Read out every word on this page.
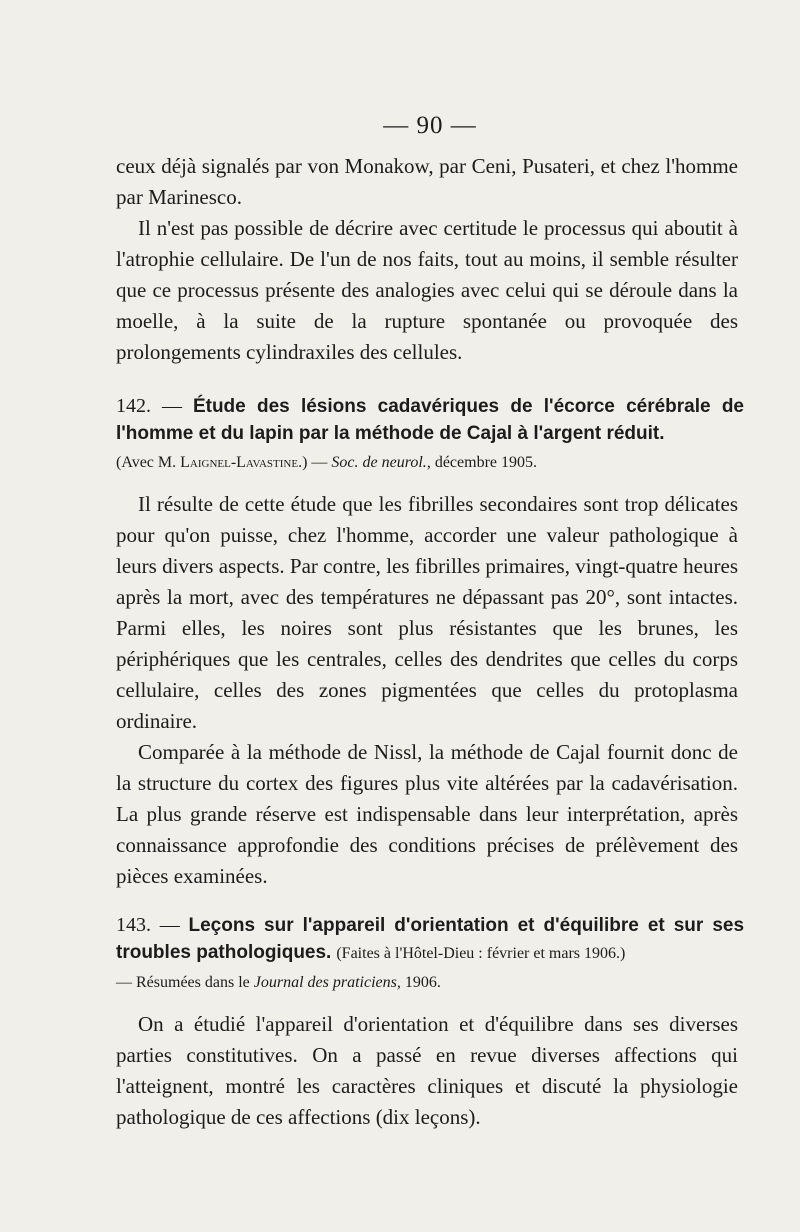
— 90 —
ceux déjà signalés par von Monakow, par Ceni, Pusateri, et chez l'homme par Marinesco.
Il n'est pas possible de décrire avec certitude le processus qui aboutit à l'atrophie cellulaire. De l'un de nos faits, tout au moins, il semble résulter que ce processus présente des analogies avec celui qui se déroule dans la moelle, à la suite de la rupture spontanée ou provoquée des prolongements cylindraxiles des cellules.
142. — Étude des lésions cadavériques de l'écorce cérébrale de l'homme et du lapin par la méthode de Cajal à l'argent réduit.
(Avec M. Laignel-Lavastine.) — Soc. de neurol., décembre 1905.
Il résulte de cette étude que les fibrilles secondaires sont trop délicates pour qu'on puisse, chez l'homme, accorder une valeur pathologique à leurs divers aspects. Par contre, les fibrilles primaires, vingt-quatre heures après la mort, avec des températures ne dépassant pas 20°, sont intactes. Parmi elles, les noires sont plus résistantes que les brunes, les périphériques que les centrales, celles des dendrites que celles du corps cellulaire, celles des zones pigmentées que celles du protoplasma ordinaire.
Comparée à la méthode de Nissl, la méthode de Cajal fournit donc de la structure du cortex des figures plus vite altérées par la cadavérisation. La plus grande réserve est indispensable dans leur interprétation, après connaissance approfondie des conditions précises de prélèvement des pièces examinées.
143. — Leçons sur l'appareil d'orientation et d'équilibre et sur ses troubles pathologiques. (Faites à l'Hôtel-Dieu : février et mars 1906.)
— Résumées dans le Journal des praticiens, 1906.
On a étudié l'appareil d'orientation et d'équilibre dans ses diverses parties constitutives. On a passé en revue diverses affections qui l'atteignent, montré les caractères cliniques et discuté la physiologie pathologique de ces affections (dix leçons).
